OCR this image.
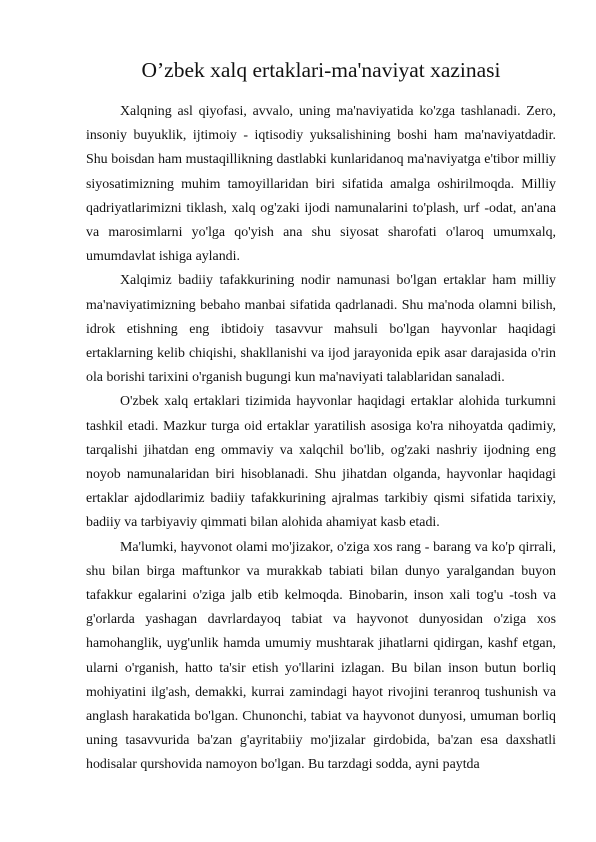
O’zbek xalq ertaklari-ma'naviyat xazinasi

Xalqning asl qiyofasi, avvalo, uning ma'naviyatida ko'zga tashlanadi. Zero, insoniy buyuklik, ijtimoiy - iqtisodiy yuksalishining boshi ham ma'naviyatdadir. Shu boisdan ham mustaqillikning dastlabki kunlaridanoq ma'naviyatga e'tibor milliy siyosatimizning muhim tamoyillaridan biri sifatida amalga oshirilmoqda. Milliy qadriyatlarimizni tiklash, xalq og'zaki ijodi namunalarini to'plash, urf -odat, an'ana va marosimlarni yo'lga qo'yish ana shu siyosat sharofati o'laroq umumxalq, umumdavlat ishiga aylandi.

Xalqimiz badiiy tafakkurining nodir namunasi bo'lgan ertaklar ham milliy ma'naviyatimizning bebaho manbai sifatida qadrlanadi. Shu ma'noda olamni bilish, idrok etishning eng ibtidoiy tasavvur mahsuli bo'lgan hayvonlar haqidagi ertaklarning kelib chiqishi, shakllanishi va ijod jarayonida epik asar darajasida o'rin ola borishi tarixini o'rganish bugungi kun ma'naviyati talablaridan sanaladi.

O'zbek xalq ertaklari tizimida hayvonlar haqidagi ertaklar alohida turkumni tashkil etadi. Mazkur turga oid ertaklar yaratilish asosiga ko'ra nihoyatda qadimiy, tarqalishi jihatdan eng ommaviy va xalqchil bo'lib, og'zaki nashriy ijodning eng noyob namunalaridan biri hisoblanadi. Shu jihatdan olganda, hayvonlar haqidagi ertaklar ajdodlarimiz badiiy tafakkurining ajralmas tarkibiy qismi sifatida tarixiy, badiiy va tarbiyaviy qimmati bilan alohida ahamiyat kasb etadi.

Ma'lumki, hayvonot olami mo'jizakor, o'ziga xos rang - barang va ko'p qirrali, shu bilan birga maftunkor va murakkab tabiati bilan dunyo yaralgandan buyon tafakkur egalarini o'ziga jalb etib kelmoqda. Binobarin, inson xali tog'u -tosh va g'orlarda yashagan davrlardayoq tabiat va hayvonot dunyosidan o'ziga xos hamohanglik, uyg'unlik hamda umumiy mushtarak jihatlarni qidirgan, kashf etgan, ularni o'rganish, hatto ta'sir etish yo'llarini izlagan. Bu bilan inson butun borliq mohiyatini ilg'ash, demakki, kurrai zamindagi hayot rivojini teranroq tushunish va anglash harakatida bo'lgan. Chunonchi, tabiat va hayvonot dunyosi, umuman borliq uning tasavvurida ba'zan g'ayritabiiy mo'jizalar girdobida, ba'zan esa daxshatli hodisalar qurshovida namoyon bo'lgan. Bu tarzdagi sodda, ayni paytda
